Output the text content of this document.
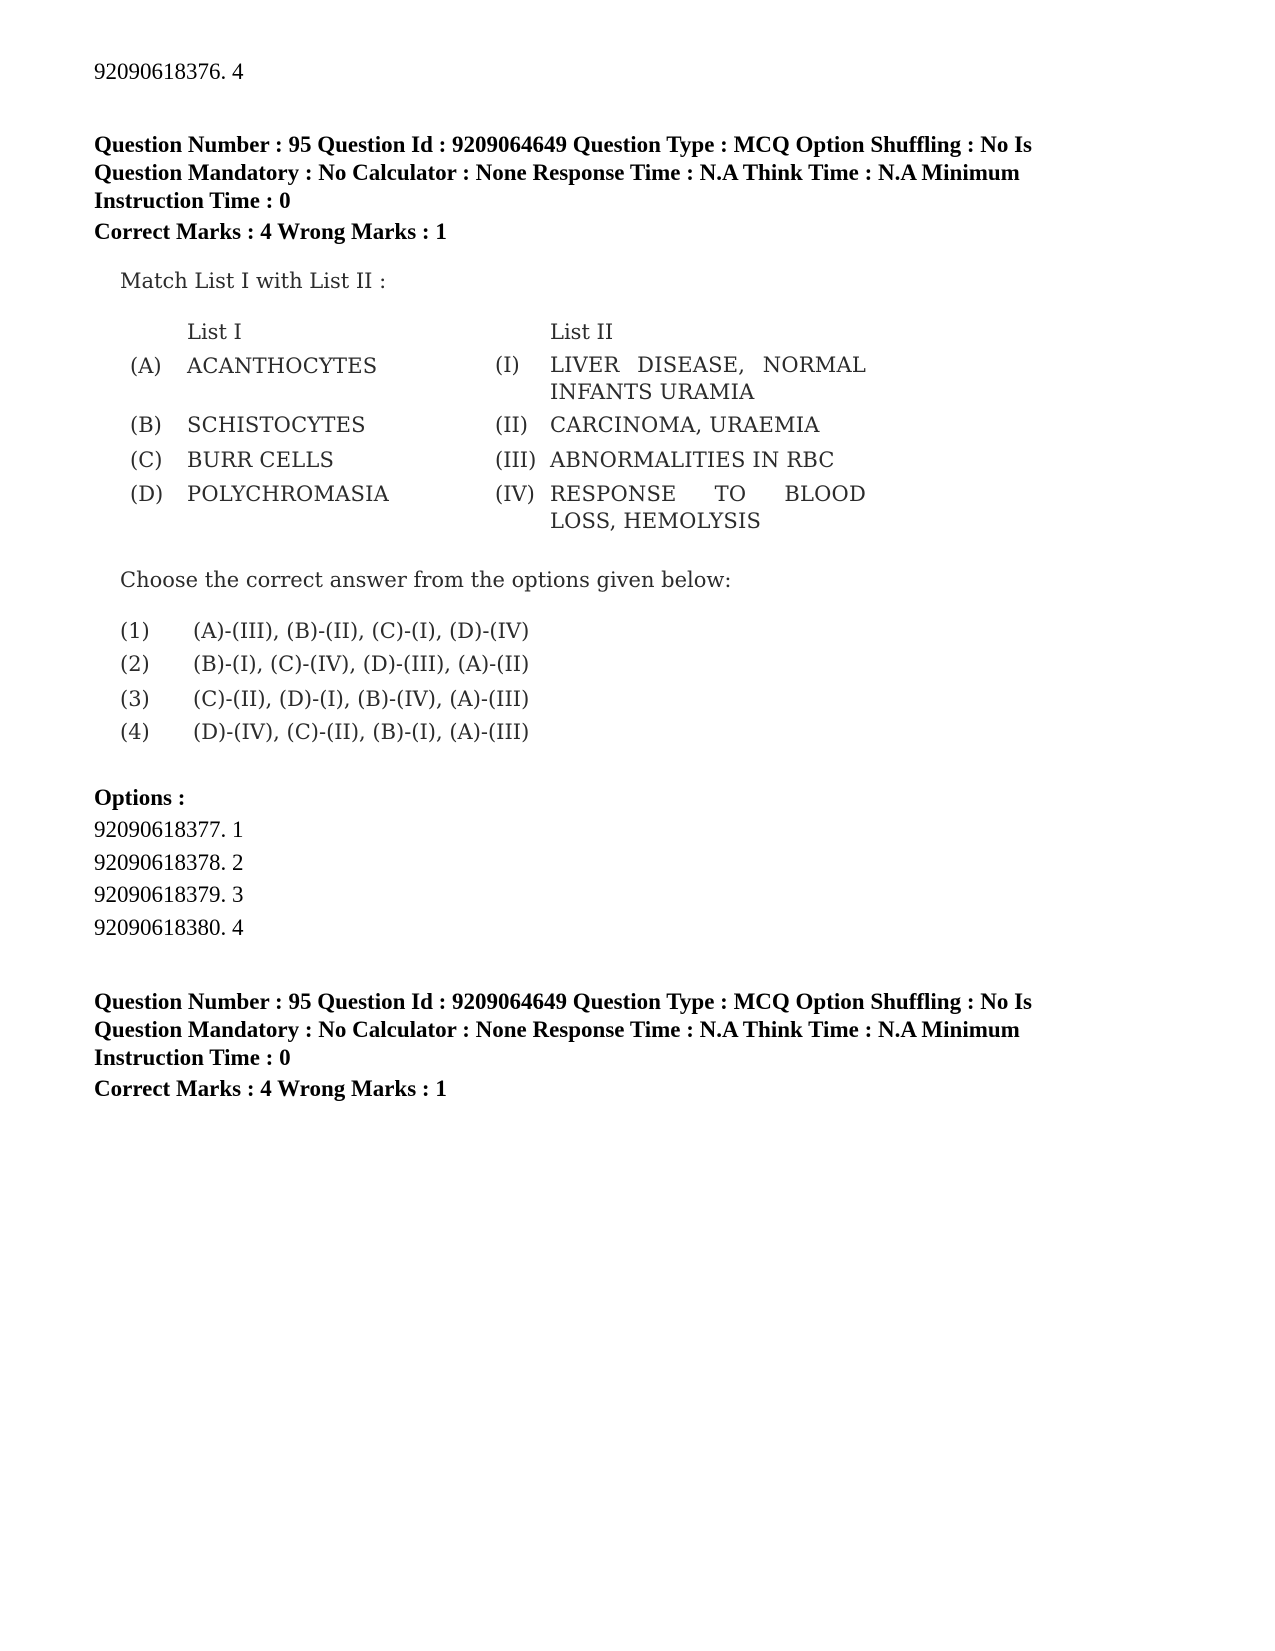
92090618376. 4

Question Number : 95 Question Id : 9209064649 Question Type : MCQ Option Shuffling : No Is

Question Mandatory : No Calculator : None Response Time : N.A Think Time : N.A Minimum

Instruction Time : 0

Correct Marks : 4 Wrong Marks : 1
Match List I with List II :
List I	List II
(A) ACANTHOCYTES
(B) SCHISTOCYTES
(C) BURR CELLS
(D) POLYCHROMASIA
(I) LIVER DISEASE, NORMAL
INFANTS URAMIA
(II) CARCINOMA, URAEMIA
(III) ABNORMALITIES IN RBC
(IV) RESPONSE TO BLOOD
LOSS, HEMOLYSIS
Choose the correct answer from the options given below:
(1) (A)-(III), (B)-(II), (C)-(I), (D)-(IV)
(2) (B)-(I), (C)-(IV), (D)-(III), (A)-(II)
(3) (C)-(II), (D)-(I), (B)-(IV), (A)-(III)
(4) (D)-(IV), (C)-(II), (B)-(I), (A)-(III)
Options :
92090618377. 1
92090618378. 2
92090618379. 3
92090618380. 4

Question Number : 95 Question Id : 9209064649 Question Type : MCQ Option Shuffling : No Is

Question Mandatory : No Calculator : None Response Time : N.A Think Time : N.A Minimum

Instruction Time : 0

Correct Marks : 4 Wrong Marks : 1
